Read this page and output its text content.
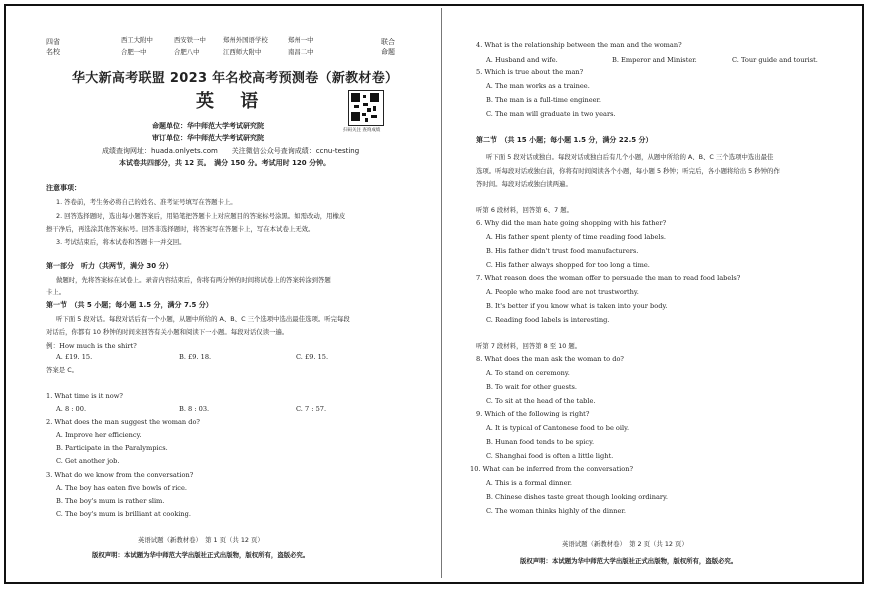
四省
名校
联合
命题
西工大附中	西安铁一中	郑州外国语学校	郑州一中
合肥一中	合肥八中	江西师大附中	南昌二中
华大新高考联盟 2023 年名校高考预测卷（新教材卷）
英 语
扫码关注 查询成绩
命题单位：华中师范大学考试研究院
审订单位：华中师范大学考试研究院
成绩查询网址：huada.onlyets.com　　关注微信公众号查询成绩：ccnu-testing
本试卷共四部分，共 12 页。　满分 150 分。考试用时 120 分钟。
注意事项：
1. 答卷前，考生务必将自己的姓名、准考证号填写在答题卡上。
2. 回答选择题时，选出每小题答案后，用铅笔把答题卡上对应题目的答案标号涂黑。如需改动，用橡皮
擦干净后，再选涂其他答案标号。回答非选择题时，将答案写在答题卡上，写在本试卷上无效。
3. 考试结束后，将本试卷和答题卡一并交回。
第一部分　听力（共两节，满分 30 分）
做题时，先将答案标在试卷上。录音内容结束后，你将有两分钟的时间将试卷上的答案转涂到答题
卡上。
第一节　（共 5 小题；每小题 1.5 分，满分 7.5 分）
听下面 5 段对话。每段对话后有一个小题，从题中所给的 A、B、C 三个选项中选出最佳选项。听完每段
对话后，你都有 10 秒钟的时间来回答有关小题和阅读下一小题。每段对话仅读一遍。
例：How much is the shirt?
A. £19. 15.	B. £9. 18.	C. £9. 15.
答案是 C。
1. What time is it now?
A. 8 : 00.	B. 8 : 03.	C. 7 : 57.
2. What does the man suggest the woman do?
A. Improve her efficiency.
B. Participate in the Paralympics.
C. Get another job.
3. What do we know from the conversation?
A. The boy has eaten five bowls of rice.
B. The boy's mum is rather slim.
C. The boy's mum is brilliant at cooking.
英语试题（新教材卷）　第 1 页（共 12 页）
版权声明：本试题为华中师范大学出版社正式出版物，版权所有，盗版必究。
4. What is the relationship between the man and the woman?
A. Husband and wife.	B. Emperor and Minister.	C. Tour guide and tourist.
5. Which is true about the man?
A. The man works as a trainee.
B. The man is a full-time engineer.
C. The man will graduate in two years.
第二节　（共 15 小题；每小题 1.5 分，满分 22.5 分）
听下面 5 段对话或独白。每段对话或独白后有几个小题，从题中所给的 A、B、C 三个选项中选出最佳
选项。听每段对话或独白前，你将有时间阅读各个小题，每小题 5 秒钟；听完后，各小题将给出 5 秒钟的作
答时间。每段对话或独白读两遍。
听第 6 段材料，回答第 6、7 题。
6. Why did the man hate going shopping with his father?
A. His father spent plenty of time reading food labels.
B. His father didn't trust food manufacturers.
C. His father always shopped for too long a time.
7. What reason does the woman offer to persuade the man to read food labels?
A. People who make food are not trustworthy.
B. It's better if you know what is taken into your body.
C. Reading food labels is interesting.
听第 7 段材料，回答第 8 至 10 题。
8. What does the man ask the woman to do?
A. To stand on ceremony.
B. To wait for other guests.
C. To sit at the head of the table.
9. Which of the following is right?
A. It is typical of Cantonese food to be oily.
B. Hunan food tends to be spicy.
C. Shanghai food is often a little light.
10. What can be inferred from the conversation?
A. This is a formal dinner.
B. Chinese dishes taste great though looking ordinary.
C. The woman thinks highly of the dinner.
英语试题（新教材卷）　第 2 页（共 12 页）
版权声明：本试题为华中师范大学出版社正式出版物，版权所有，盗版必究。
